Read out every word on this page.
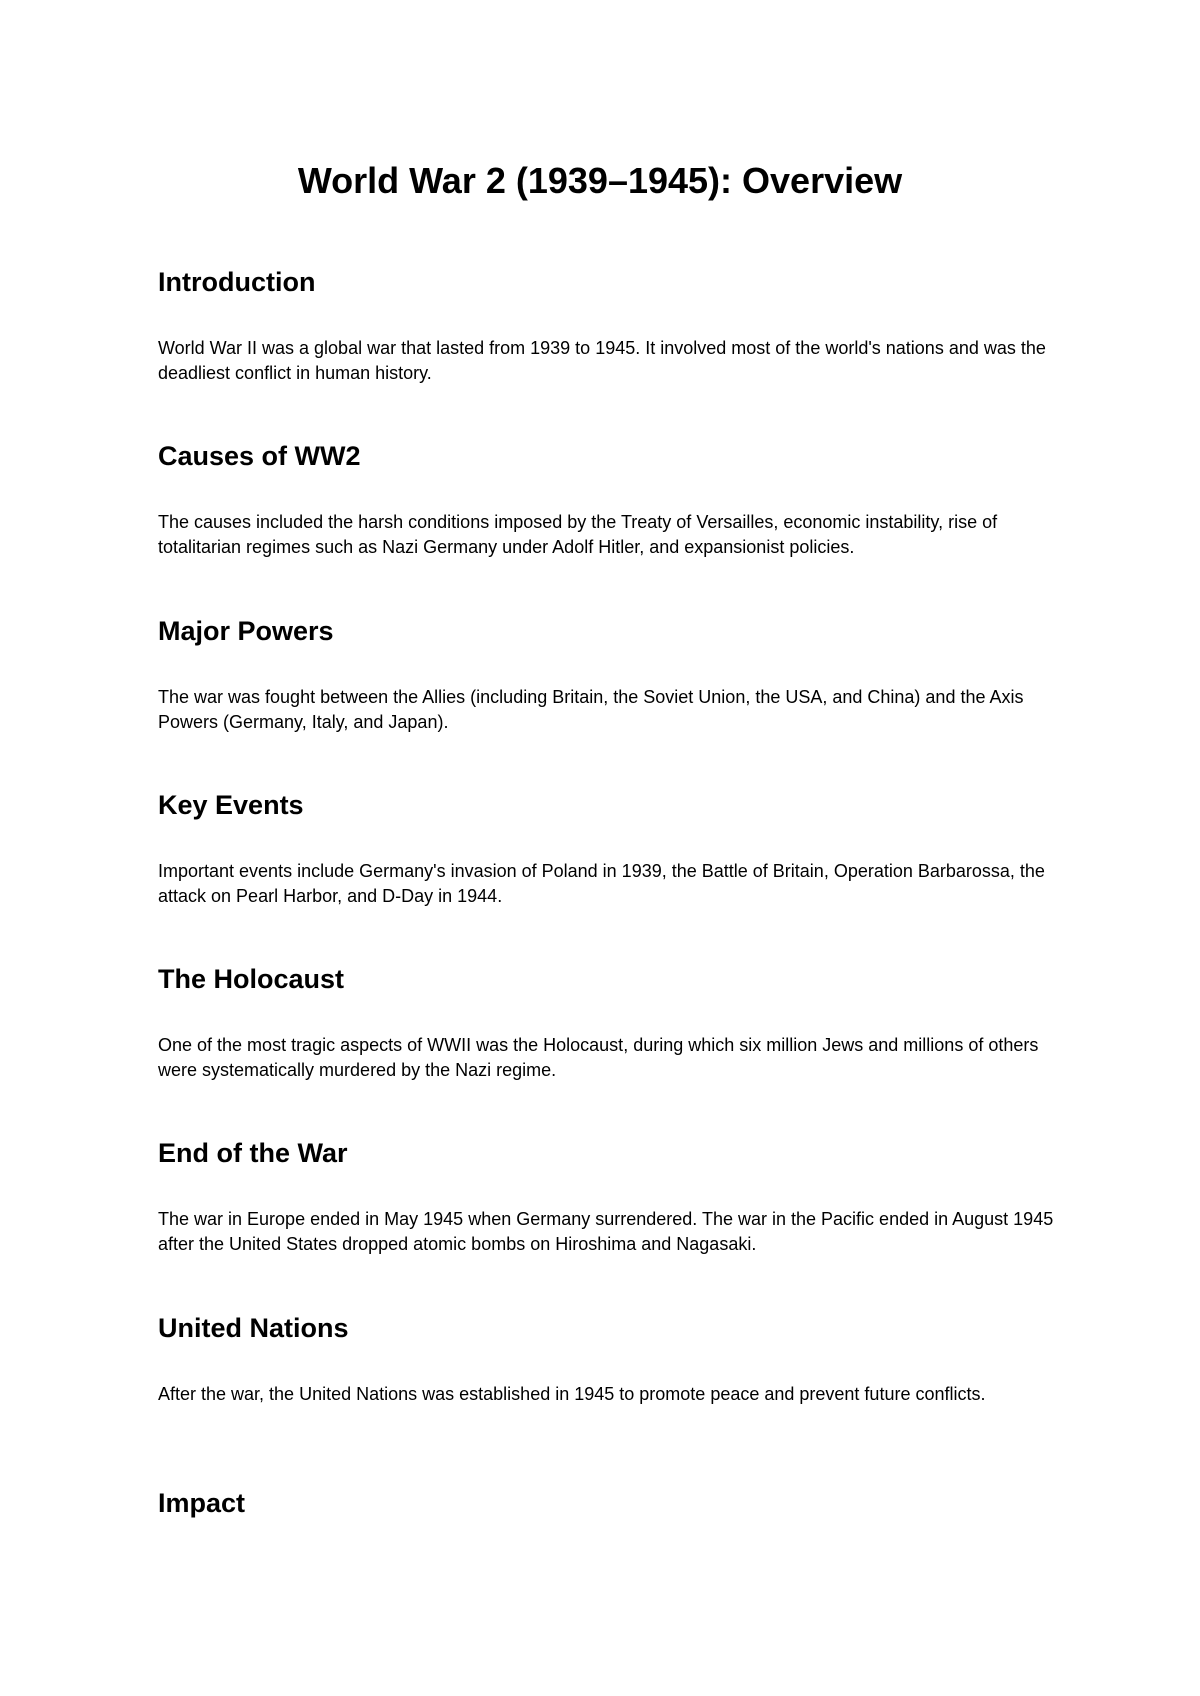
World War 2 (1939–1945): Overview
Introduction

World War II was a global war that lasted from 1939 to 1945. It involved most of the world's nations and was the deadliest conflict in human history.

Causes of WW2

The causes included the harsh conditions imposed by the Treaty of Versailles, economic instability, rise of totalitarian regimes such as Nazi Germany under Adolf Hitler, and expansionist policies.

Major Powers

The war was fought between the Allies (including Britain, the Soviet Union, the USA, and China) and the Axis Powers (Germany, Italy, and Japan).

Key Events

Important events include Germany's invasion of Poland in 1939, the Battle of Britain, Operation Barbarossa, the attack on Pearl Harbor, and D-Day in 1944.

The Holocaust

One of the most tragic aspects of WWII was the Holocaust, during which six million Jews and millions of others were systematically murdered by the Nazi regime.

End of the War

The war in Europe ended in May 1945 when Germany surrendered. The war in the Pacific ended in August 1945 after the United States dropped atomic bombs on Hiroshima and Nagasaki.

United Nations

After the war, the United Nations was established in 1945 to promote peace and prevent future conflicts.

Impact
